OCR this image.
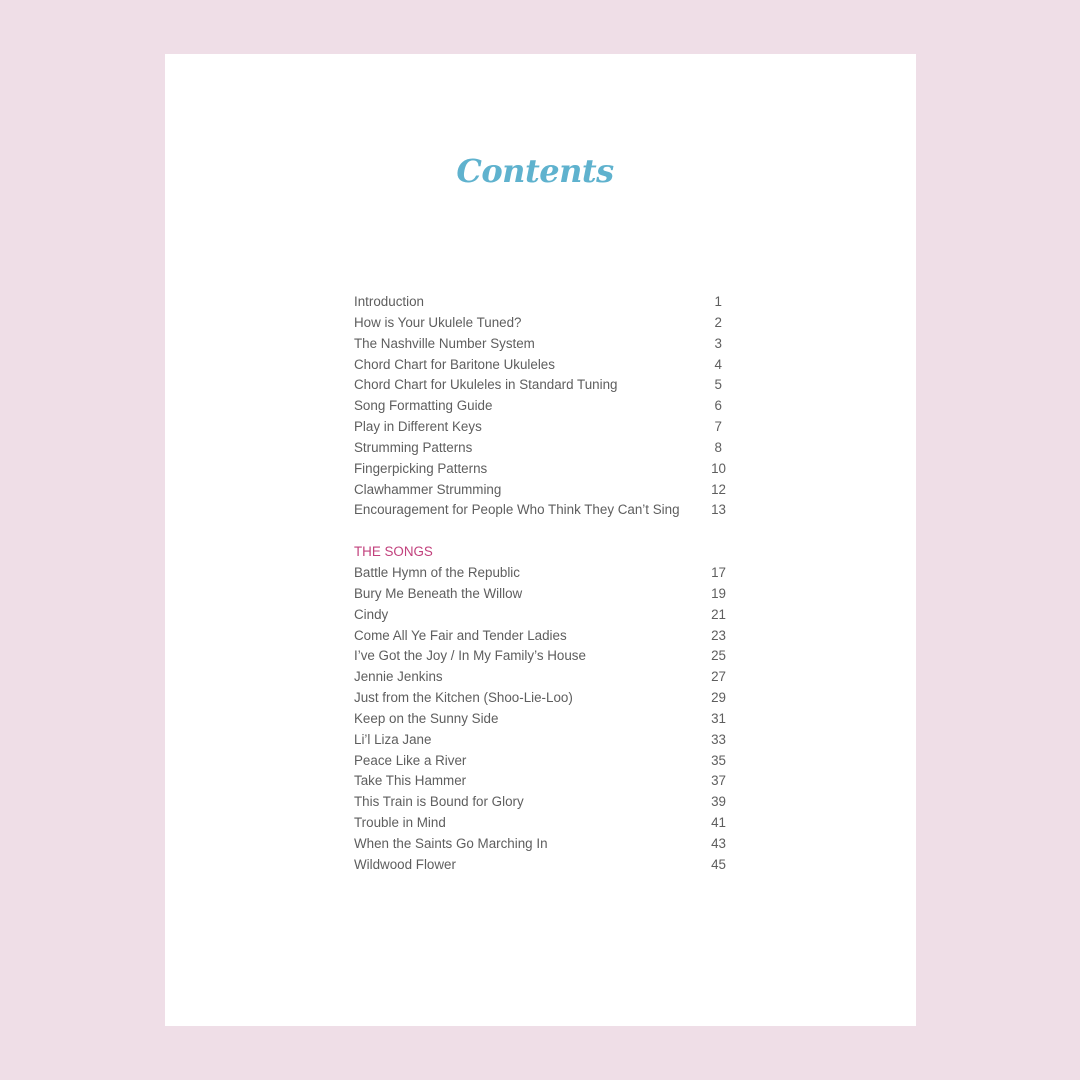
Contents
Introduction	1
How is Your Ukulele Tuned?	2
The Nashville Number System	3
Chord Chart for Baritone Ukuleles	4
Chord Chart for Ukuleles in Standard Tuning	5
Song Formatting Guide	6
Play in Different Keys	7
Strumming Patterns	8
Fingerpicking Patterns	10
Clawhammer Strumming	12
Encouragement for People Who Think They Can’t Sing	13
THE SONGS
Battle Hymn of the Republic	17
Bury Me Beneath the Willow	19
Cindy	21
Come All Ye Fair and Tender Ladies	23
I’ve Got the Joy / In My Family’s House	25
Jennie Jenkins	27
Just from the Kitchen (Shoo-Lie-Loo)	29
Keep on the Sunny Side	31
Li’l Liza Jane	33
Peace Like a River	35
Take This Hammer	37
This Train is Bound for Glory	39
Trouble in Mind	41
When the Saints Go Marching In	43
Wildwood Flower	45
